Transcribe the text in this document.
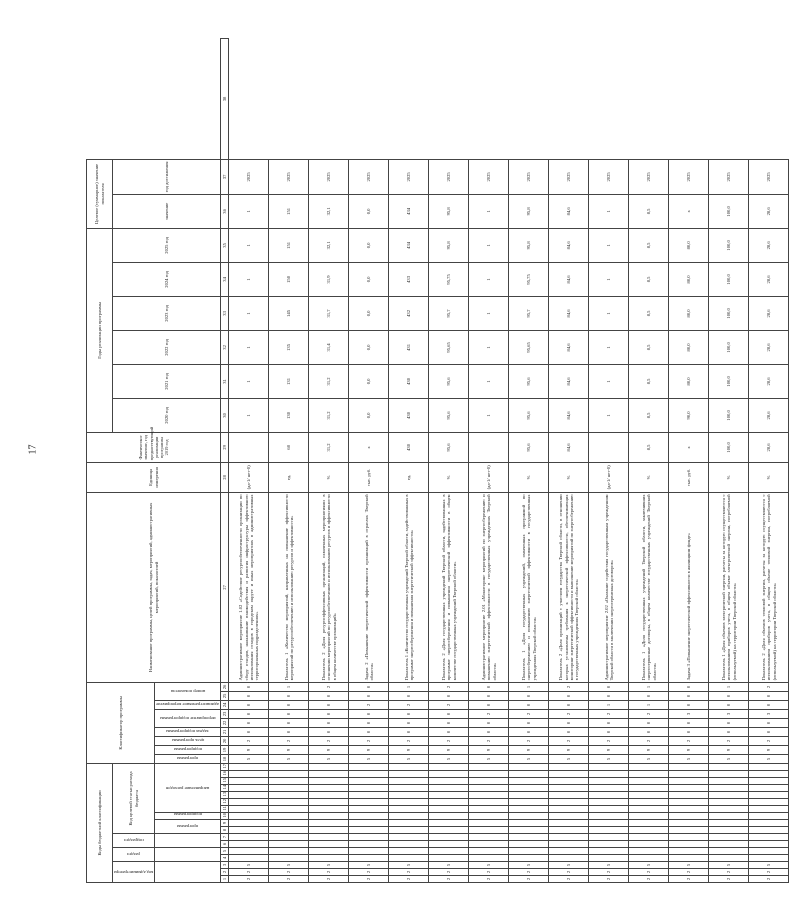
17
Коды бюджетной классификации																	Классификатор программы									Наименование программы, целей программы, задач, мероприятий, административных мероприятий, показателей	Единица измерения	Фактическое значение, год предшествующий реализации программы 2019 год	Годы реализации программы						Целевое (суммарное) значение показателя		

код администратора			раздел		подраздел		Код целевой статьи расхода бюджета																						2020 год	2021 год	2022 год	2023 год	2024 год	2025 год	значение	год достижения	

							программа		подпрограмма	направление расходов							программа	подпрограмма	цель программы	задача подпрограммы	мероприятие подпрограммы		административное мероприятие	номер показателя													

1	2	3	4	5	6	7	8	9	10	11	12	13	14	15	16	17	18	19	20	21	22	23	24	25	26	27	28	29	30	31	32	33	34	35	36	37	38
2	2	5															5	9	2	0	0	0	0	0	0	Административное мероприятие 1.02 «Содействие ресурсообеспеченности организации по сбору отходов, налаживание взаимодействия и развития инфраструктуры эффективного использования отходов в городском округе и иных мероприятиях в административных территориальных подразделениях»	(да-1/ нет-0)		1	1	1	1	1	1	1	2025	
2	2	5															5	9	2	0	0	0	0	0	1	Показатель 1 «Количество мероприятий, направленных на повышение эффективности мероприятий по ресурсообеспечению и использованию ресурсов и эффективности»	ед.	68	130	131	135	145	150	151	151	2025	
2	2	5															5	9	2	0	0	0	0	0	2	Показатель 2 «Доля ресурсоэффективных организаций, охваченных мероприятиями в отношении мероприятий по ресурсообеспечению и использованию ресурсов и эффективности в общем количестве организаций»	%	31,2	31,2	31,2	31,4	31,7	31,9	32,1	32,1	2025	
2	2	5															5	9	2	0	0	0	2	0	0	Задача 2 «Повышение энергетической эффективности организаций в отраслях Тверской области»	тыс. руб.	х	0,0	0,0	0,0	0,0	0,0	0,0	0,0	2025	
2	2	5															5	9	2	0	0	0	2	0	1	Показатель 1 «Количество государственных учреждений Тверской области, задействованных в программе энергосбережения и повышения энергетической эффективности»	ед.	430	430	430	431	432	433	434	434	2025	
2	2	5															5	9	2	0	0	0	2	0	2	Показатель 2 «Доля государственных учреждений Тверской области, задействованных в программе энергосбережения и повышения энергетической эффективности в общем количестве государственных учреждений Тверской области»	%	95,6	95,6	95,6	95,65	95,7	95,75	95,8	95,8	2025	
2	2	5															5	9	2	0	0	2	0	0	0	Административное мероприятие 2.01 «Мониторинг мероприятий по энергосбережению и повышению энергетической эффективности в государственных учреждениях Тверской области»	(да-1/ нет-0)		1	1	1	1	1	1	1	2025	
2	2	5															5	9	2	0	0	2	0	0	1	Показатель 1 «Доля государственных учреждений, охваченных программой по энергосбережению и повышению энергетической эффективности в государственных учреждениях Тверской области»	%	95,6	95,6	95,6	95,65	95,7	95,75	95,8	95,8	2025	
2	2	5															5	9	2	0	0	2	0	0	2	Показатель 2 «Доля организаций с участием государства Тверской области, в отношении которых установлены требования к энергетической эффективности, обеспечивающих мониторинг энергетической эффективности и выполнение мероприятий по энергосбережению в государственных учреждениях Тверской области»	%	84,6	84,6	84,6	84,6	84,6	84,6	84,6	84,6	2025	
2	2	5															5	9	2	0	0	2	1	0	0	Административное мероприятие 2.02 «Оказание содействия государственным учреждениям Тверской области в заключении энергосервисных договоров»	(да-1/ нет-0)		1	1	1	1	1	1	1	2025	
2	2	5															5	9	2	0	0	2	1	0	1	Показатель 1 «Доля государственных учреждений Тверской области, заключивших энергосервисные договоры, в общем количестве государственных учреждений Тверской области»	%	8,5	8,5	8,5	8,5	8,5	8,5	8,5	8,5	2025	
2	2	5															5	9	2	0	0	3	0	0	0	Задача 3 «Повышение энергетической эффективности в жилищном фонде»	тыс. руб.	х	90,0	80,0	80,0	80,0	80,0	80,0	х	2025	
2	2	5															5	9	2	0	0	3	0	0	1	Показатель 1 «Доля объемов электрической энергии, расчеты за которую осуществляются с использованием приборов учета, в общем объеме электрической энергии, потребляемой (используемой) на территории Тверской области»	%	100,0	100,0	100,0	100,0	100,0	100,0	100,0	100,0	2025	
2	2	5															5	9	2	0	0	3	0	0	2	Показатель 2 «Доля объемов тепловой энергии, расчеты за которую осуществляются с использованием приборов учета, в общем объеме тепловой энергии, потребляемой (используемой) на территории Тверской области»	%	28,6	28,6	28,6	28,6	28,6	28,6	28,6	28,6	2025	
